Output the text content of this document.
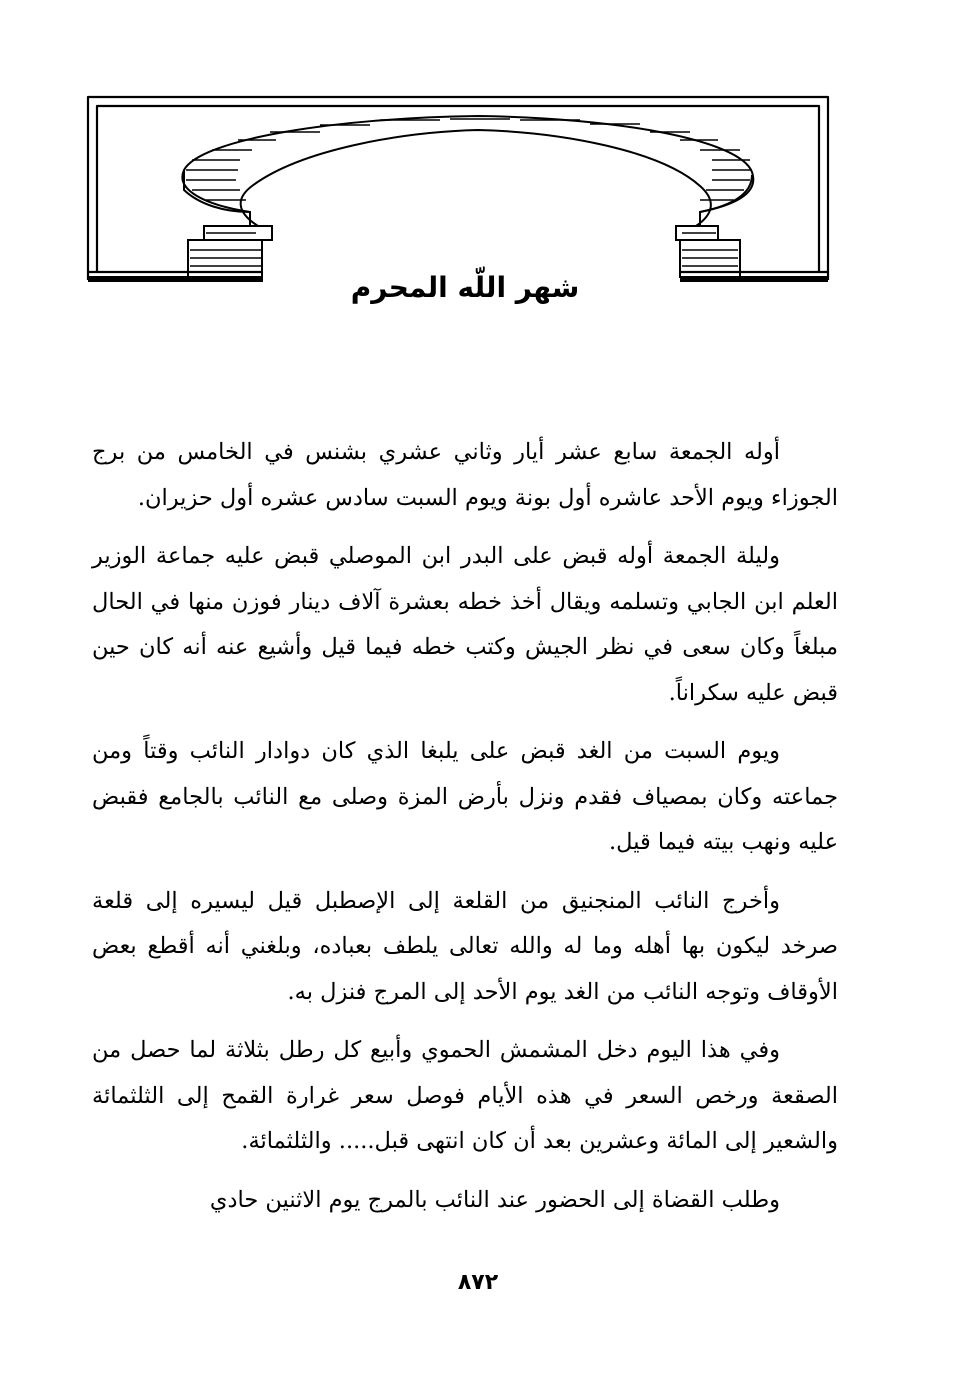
شهر اللّه المحرم

أوله الجمعة سابع عشر أيار وثاني عشري بشنس في الخامس من برج الجوزاء ويوم الأحد عاشره أول بونة ويوم السبت سادس عشره أول حزيران.

وليلة الجمعة أوله قبض على البدر ابن الموصلي قبض عليه جماعة الوزير العلم ابن الجابي وتسلمه ويقال أخذ خطه بعشرة آلاف دينار فوزن منها في الحال مبلغاً وكان سعى في نظر الجيش وكتب خطه فيما قيل وأشيع عنه أنه كان حين قبض عليه سكراناً.

ويوم السبت من الغد قبض على يلبغا الذي كان دوادار النائب وقتاً ومن جماعته وكان بمصياف فقدم ونزل بأرض المزة وصلى مع النائب بالجامع فقبض عليه ونهب بيته فيما قيل.

وأخرج النائب المنجنيق من القلعة إلى الإصطبل قيل ليسيره إلى قلعة صرخد ليكون بها أهله وما له والله تعالى يلطف بعباده، وبلغني أنه أقطع بعض الأوقاف وتوجه النائب من الغد يوم الأحد إلى المرج فنزل به.

وفي هذا اليوم دخل المشمش الحموي وأبيع كل رطل بثلاثة لما حصل من الصقعة ورخص السعر في هذه الأيام فوصل سعر غرارة القمح إلى الثلثمائة والشعير إلى المائة وعشرين بعد أن كان انتهى قبل..... والثلثمائة.

وطلب القضاة إلى الحضور عند النائب بالمرج يوم الاثنين حادي

٨٧٢
